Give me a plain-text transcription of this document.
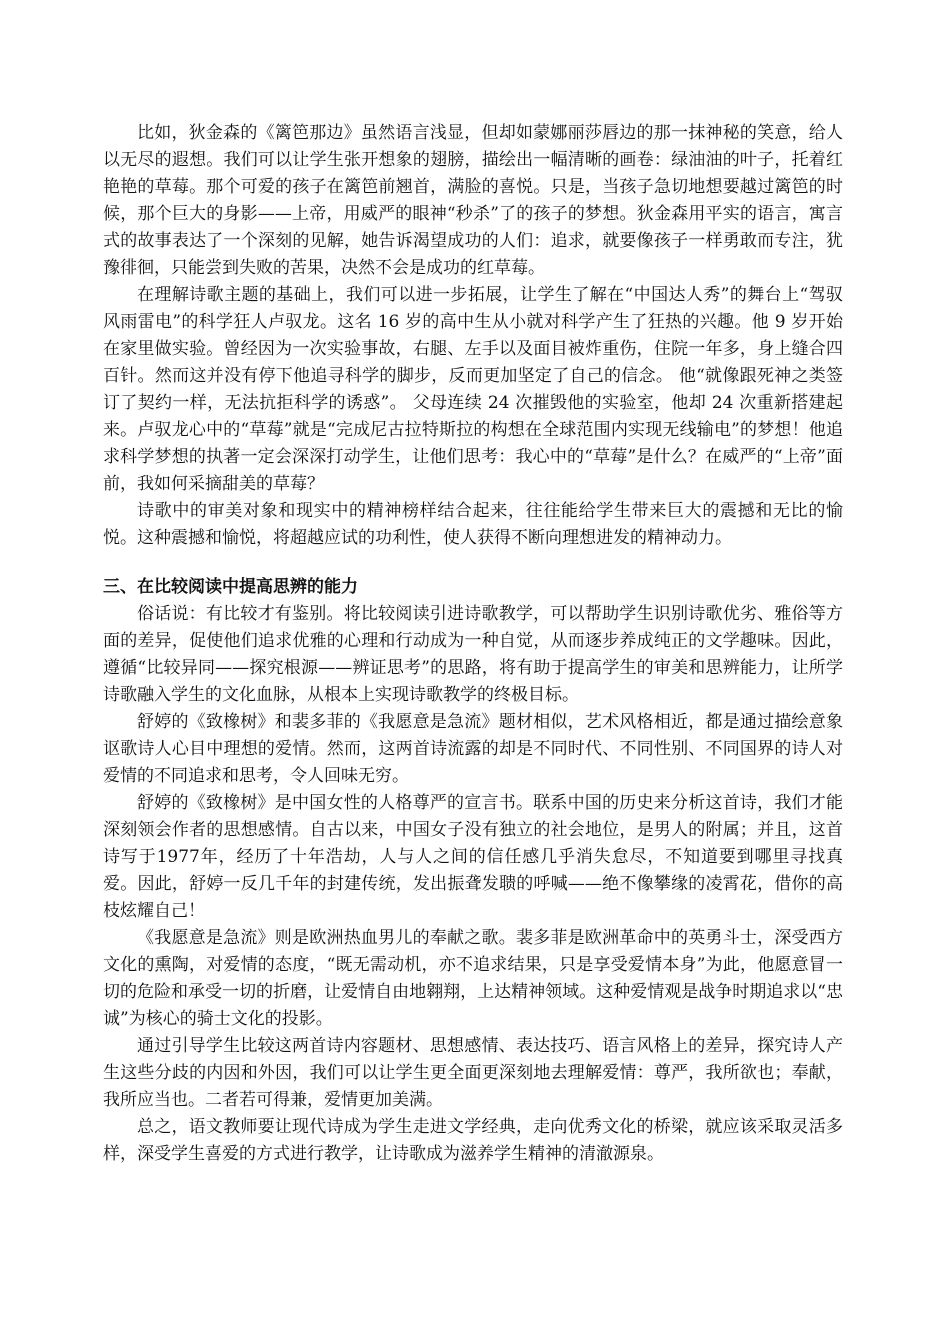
比如，狄金森的《篱笆那边》虽然语言浅显，但却如蒙娜丽莎唇边的那一抹神秘的笑意，给人以无尽的遐想。我们可以让学生张开想象的翅膀，描绘出一幅清晰的画卷：绿油油的叶子，托着红艳艳的草莓。那个可爱的孩子在篱笆前翘首，满脸的喜悦。只是，当孩子急切地想要越过篱笆的时候，那个巨大的身影——上帝，用威严的眼神“秒杀”了的孩子的梦想。狄金森用平实的语言，寓言式的故事表达了一个深刻的见解，她告诉渴望成功的人们：追求，就要像孩子一样勇敢而专注，犹豫徘徊，只能尝到失败的苦果，决然不会是成功的红草莓。

在理解诗歌主题的基础上，我们可以进一步拓展，让学生了解在“中国达人秀”的舞台上“驾驭风雨雷电”的科学狂人卢驭龙。这名 16 岁的高中生从小就对科学产生了狂热的兴趣。他 9 岁开始在家里做实验。曾经因为一次实验事故，右腿、左手以及面目被炸重伤，住院一年多，身上缝合四百针。然而这并没有停下他追寻科学的脚步，反而更加坚定了自己的信念。 他“就像跟死神之类签订了契约一样，无法抗拒科学的诱惑”。 父母连续 24 次摧毁他的实验室，他却 24 次重新搭建起来。卢驭龙心中的“草莓”就是“完成尼古拉特斯拉的构想在全球范围内实现无线输电”的梦想！他追求科学梦想的执著一定会深深打动学生，让他们思考：我心中的“草莓”是什么？在威严的“上帝”面前，我如何采摘甜美的草莓？

诗歌中的审美对象和现实中的精神榜样结合起来，往往能给学生带来巨大的震撼和无比的愉悦。这种震撼和愉悦，将超越应试的功利性，使人获得不断向理想进发的精神动力。

三、在比较阅读中提高思辨的能力

俗话说：有比较才有鉴别。将比较阅读引进诗歌教学，可以帮助学生识别诗歌优劣、雅俗等方面的差异，促使他们追求优雅的心理和行动成为一种自觉，从而逐步养成纯正的文学趣味。因此，遵循“比较异同——探究根源——辨证思考”的思路，将有助于提高学生的审美和思辨能力，让所学诗歌融入学生的文化血脉，从根本上实现诗歌教学的终极目标。

舒婷的《致橡树》和裴多菲的《我愿意是急流》题材相似，艺术风格相近，都是通过描绘意象讴歌诗人心目中理想的爱情。然而，这两首诗流露的却是不同时代、不同性别、不同国界的诗人对爱情的不同追求和思考，令人回味无穷。

舒婷的《致橡树》是中国女性的人格尊严的宣言书。联系中国的历史来分析这首诗，我们才能深刻领会作者的思想感情。自古以来，中国女子没有独立的社会地位，是男人的附属；并且，这首诗写于1977年，经历了十年浩劫，人与人之间的信任感几乎消失怠尽，不知道要到哪里寻找真爱。因此，舒婷一反几千年的封建传统，发出振聋发聩的呼喊——绝不像攀缘的凌霄花，借你的高枝炫耀自己！

《我愿意是急流》则是欧洲热血男儿的奉献之歌。裴多菲是欧洲革命中的英勇斗士，深受西方文化的熏陶，对爱情的态度，“既无需动机，亦不追求结果，只是享受爱情本身”为此，他愿意冒一切的危险和承受一切的折磨，让爱情自由地翱翔，上达精神领域。这种爱情观是战争时期追求以“忠诚”为核心的骑士文化的投影。

通过引导学生比较这两首诗内容题材、思想感情、表达技巧、语言风格上的差异，探究诗人产生这些分歧的内因和外因，我们可以让学生更全面更深刻地去理解爱情：尊严，我所欲也；奉献，我所应当也。二者若可得兼，爱情更加美满。

总之，语文教师要让现代诗成为学生走进文学经典，走向优秀文化的桥梁，就应该采取灵活多样，深受学生喜爱的方式进行教学，让诗歌成为滋养学生精神的清澈源泉。
